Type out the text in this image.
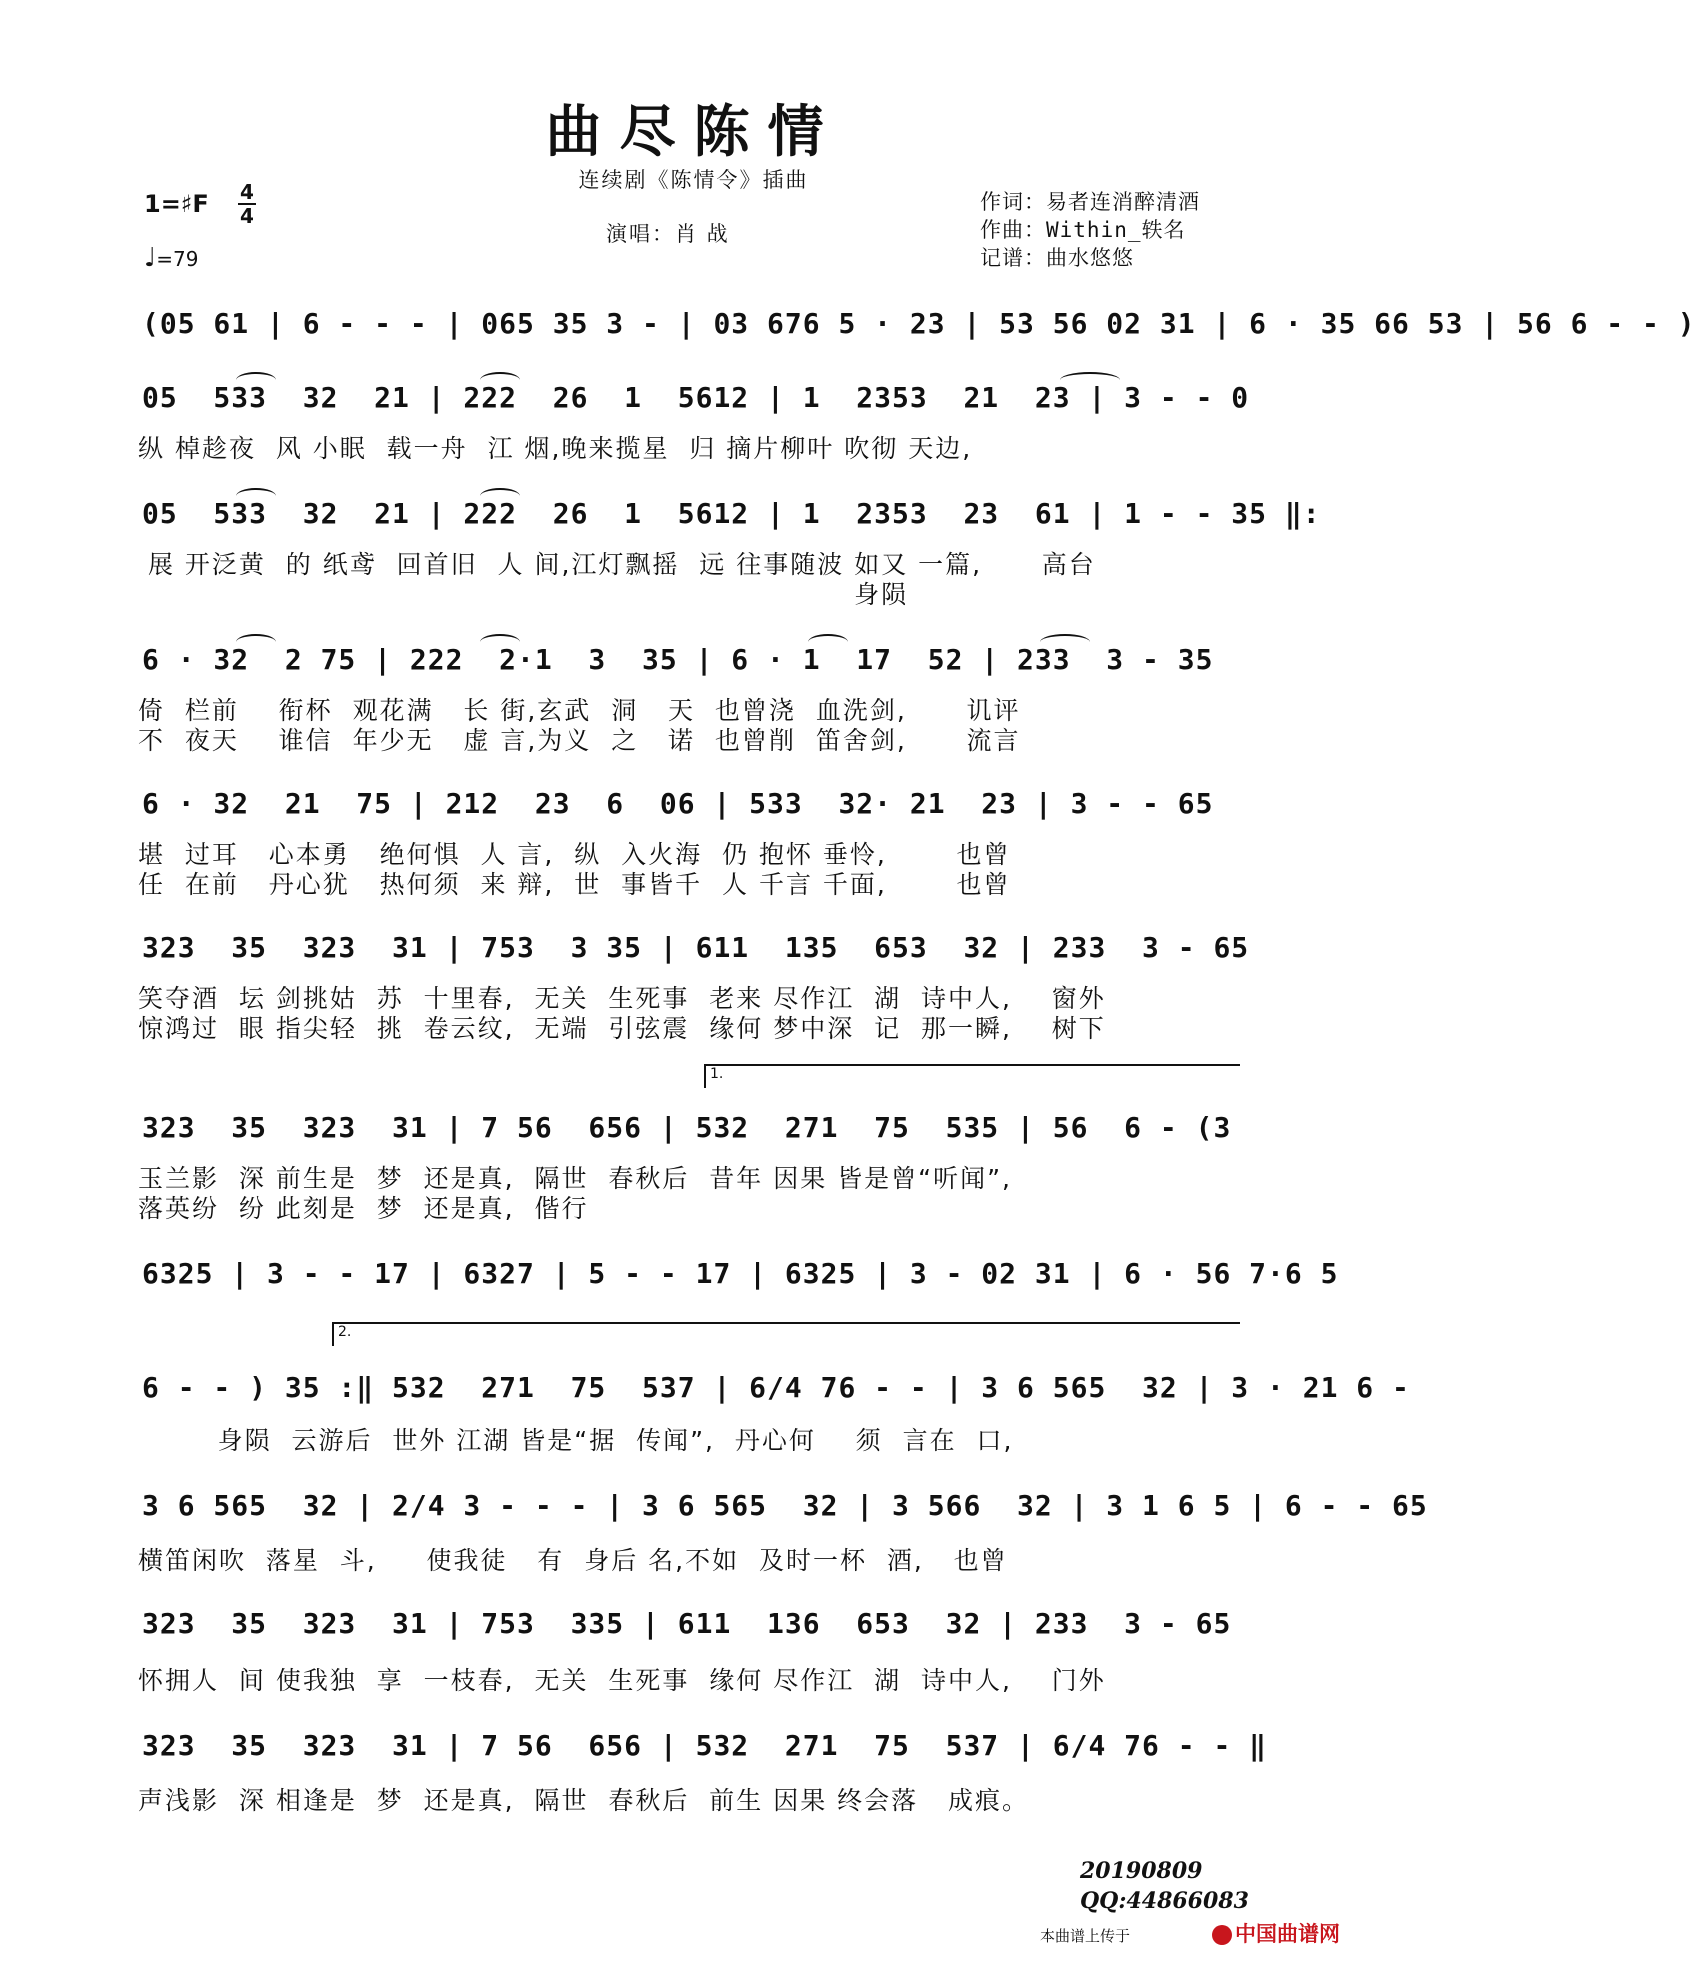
曲尽陈情
连续剧《陈情令》插曲
演唱：肖 战
作词：易者连消醉清酒
作曲：Within_轶名
记谱：曲水悠悠
1=♯F 4
4
♩=79
(05 61 | 6 - - - | 065 35 3 - | 03 676 5 · 23 | 53 56 02 31 | 6 · 35 66 53 | 56 6 - - )
05  533  32  21 | 222  26  1  5612 | 1  2353  21  23 | 3 - - 0
纵 棹趁夜  风 小眠  载一舟  江 烟,晚来揽星  归 摘片柳叶 吹彻 天边,
05  533  32  21 | 222  26  1  5612 | 1  2353  23  61 | 1 - - 35 ‖:
展 开泛黄  的 纸鸢  回首旧  人 间,江灯飘摇  远 往事随波 如又 一篇,      高台
身陨
6 · 32  2 75 | 222  2·1  3  35 | 6 · 1  17  52 | 233  3 - 35
倚  栏前    衔杯  观花满   长 街,玄武  洞   天  也曾浇  血洗剑,      讥评
不  夜天    谁信  年少无   虚 言,为义  之   诺  也曾削  笛舍剑,      流言
6 · 32  21  75 | 212  23  6  06 | 533  32· 21  23 | 3 - - 65
堪  过耳   心本勇   绝何惧  人 言,  纵  入火海  仍 抱怀 垂怜,       也曾
任  在前   丹心犹   热何须  来 辩,  世  事皆千  人 千言 千面,       也曾
323  35  323  31 | 753  3 35 | 611  135  653  32 | 233  3 - 65
笑夺酒  坛 剑挑姑  苏  十里春,  无关  生死事  老来 尽作江  湖  诗中人,    窗外
惊鸿过  眼 指尖轻  挑  卷云纹,  无端  引弦震  缘何 梦中深  记  那一瞬,    树下
1.
323  35  323  31 | 7 56  656 | 532  271  75  535 | 56  6 - (3
玉兰影  深 前生是  梦  还是真,  隔世  春秋后  昔年 因果 皆是曾“听闻”,
落英纷  纷 此刻是  梦  还是真,  偕行
6325 | 3 - - 17 | 6327 | 5 - - 17 | 6325 | 3 - 02 31 | 6 · 56 7·6 5
2.
6 - - ) 35 :‖ 532  271  75  537 | 6/4 76 - - | 3 6 565  32 | 3 · 21 6 -
身陨  云游后  世外 江湖 皆是“据  传闻”,  丹心何    须  言在  口,
3 6 565  32 | 2/4 3 - - - | 3 6 565  32 | 3 566  32 | 3 1 6 5 | 6 - - 65
横笛闲吹  落星  斗,     使我徒   有  身后 名,不如  及时一杯  酒,   也曾
323  35  323  31 | 753  335 | 611  136  653  32 | 233  3 - 65
怀拥人  间 使我独  享  一枝春,  无关  生死事  缘何 尽作江  湖  诗中人,    门外
323  35  323  31 | 7 56  656 | 532  271  75  537 | 6/4 76 - - ‖
声浅影  深 相逢是  梦  还是真,  隔世  春秋后  前生 因果 终会落   成痕。
20190809
QQ:44866083
本曲谱上传于	中国曲谱网
